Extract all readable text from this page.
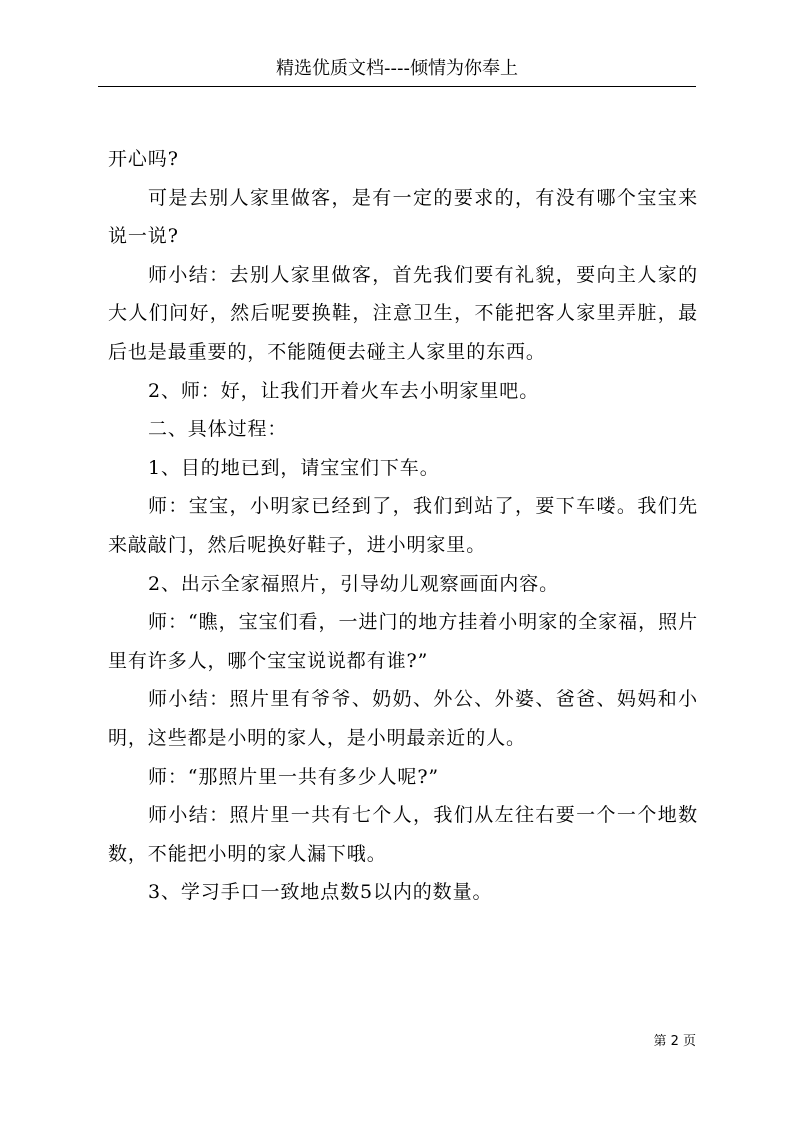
精选优质文档----倾情为你奉上

开心吗?

可是去别人家里做客，是有一定的要求的，有没有哪个宝宝来说一说?

师小结：去别人家里做客，首先我们要有礼貌，要向主人家的大人们问好，然后呢要换鞋，注意卫生，不能把客人家里弄脏，最后也是最重要的，不能随便去碰主人家里的东西。

2、师：好，让我们开着火车去小明家里吧。

二、具体过程：

1、目的地已到，请宝宝们下车。

师：宝宝，小明家已经到了，我们到站了，要下车喽。我们先来敲敲门，然后呢换好鞋子，进小明家里。

2、出示全家福照片，引导幼儿观察画面内容。

师：“瞧，宝宝们看，一进门的地方挂着小明家的全家福，照片里有许多人，哪个宝宝说说都有谁?”

师小结：照片里有爷爷、奶奶、外公、外婆、爸爸、妈妈和小明，这些都是小明的家人，是小明最亲近的人。

师：“那照片里一共有多少人呢?”

师小结：照片里一共有七个人，我们从左往右要一个一个地数数，不能把小明的家人漏下哦。

3、学习手口一致地点数5以内的数量。

第 2 页
